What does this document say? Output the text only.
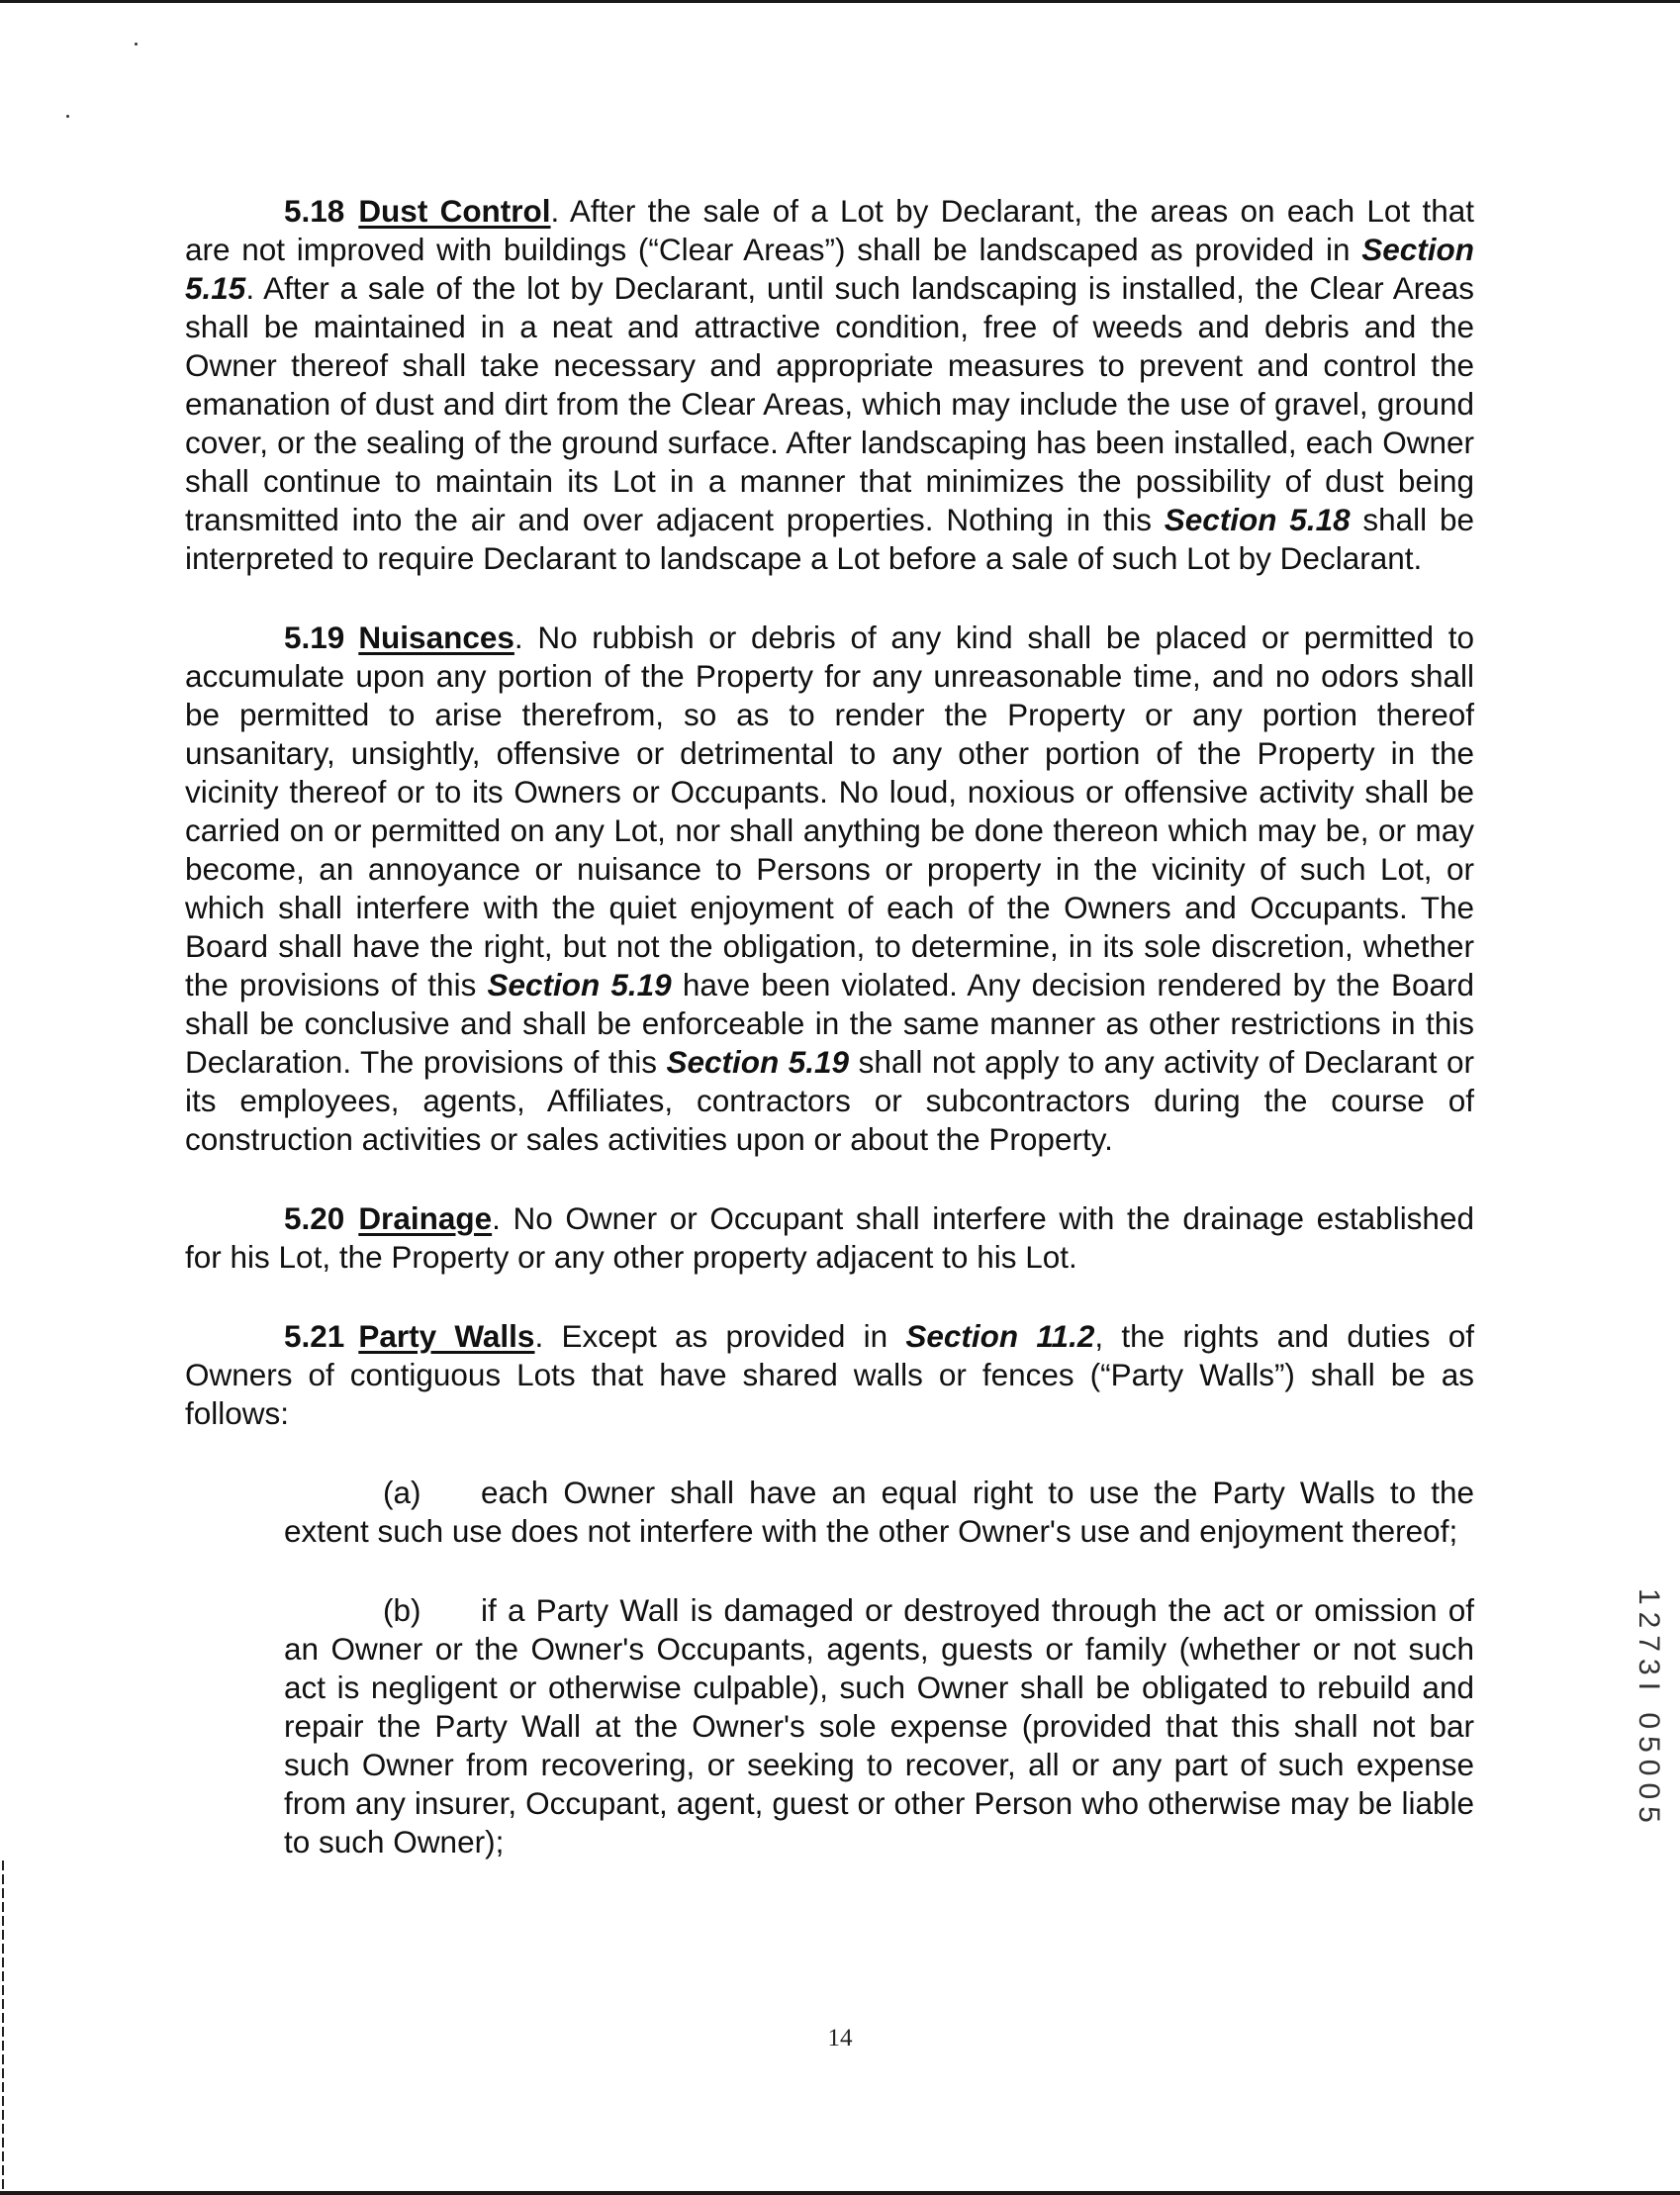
5.18 Dust Control. After the sale of a Lot by Declarant, the areas on each Lot that are not improved with buildings (“Clear Areas”) shall be landscaped as provided in Section 5.15. After a sale of the lot by Declarant, until such landscaping is installed, the Clear Areas shall be maintained in a neat and attractive condition, free of weeds and debris and the Owner thereof shall take necessary and appropriate measures to prevent and control the emanation of dust and dirt from the Clear Areas, which may include the use of gravel, ground cover, or the sealing of the ground surface. After landscaping has been installed, each Owner shall continue to maintain its Lot in a manner that minimizes the possibility of dust being transmitted into the air and over adjacent properties. Nothing in this Section 5.18 shall be interpreted to require Declarant to landscape a Lot before a sale of such Lot by Declarant.

5.19 Nuisances. No rubbish or debris of any kind shall be placed or permitted to accumulate upon any portion of the Property for any unreasonable time, and no odors shall be permitted to arise therefrom, so as to render the Property or any portion thereof unsanitary, unsightly, offensive or detrimental to any other portion of the Property in the vicinity thereof or to its Owners or Occupants. No loud, noxious or offensive activity shall be carried on or permitted on any Lot, nor shall anything be done thereon which may be, or may become, an annoyance or nuisance to Persons or property in the vicinity of such Lot, or which shall interfere with the quiet enjoyment of each of the Owners and Occupants. The Board shall have the right, but not the obligation, to determine, in its sole discretion, whether the provisions of this Section 5.19 have been violated. Any decision rendered by the Board shall be conclusive and shall be enforceable in the same manner as other restrictions in this Declaration. The provisions of this Section 5.19 shall not apply to any activity of Declarant or its employees, agents, Affiliates, contractors or subcontractors during the course of construction activities or sales activities upon or about the Property.

5.20 Drainage. No Owner or Occupant shall interfere with the drainage established for his Lot, the Property or any other property adjacent to his Lot.

5.21 Party Walls. Except as provided in Section 11.2, the rights and duties of Owners of contiguous Lots that have shared walls or fences (“Party Walls”) shall be as follows:

(a) each Owner shall have an equal right to use the Party Walls to the extent such use does not interfere with the other Owner's use and enjoyment thereof;

(b) if a Party Wall is damaged or destroyed through the act or omission of an Owner or the Owner's Occupants, agents, guests or family (whether or not such act is negligent or otherwise culpable), such Owner shall be obligated to rebuild and repair the Party Wall at the Owner's sole expense (provided that this shall not bar such Owner from recovering, or seeking to recover, all or any part of such expense from any insurer, Occupant, agent, guest or other Person who otherwise may be liable to such Owner);

1273I 05005
14
